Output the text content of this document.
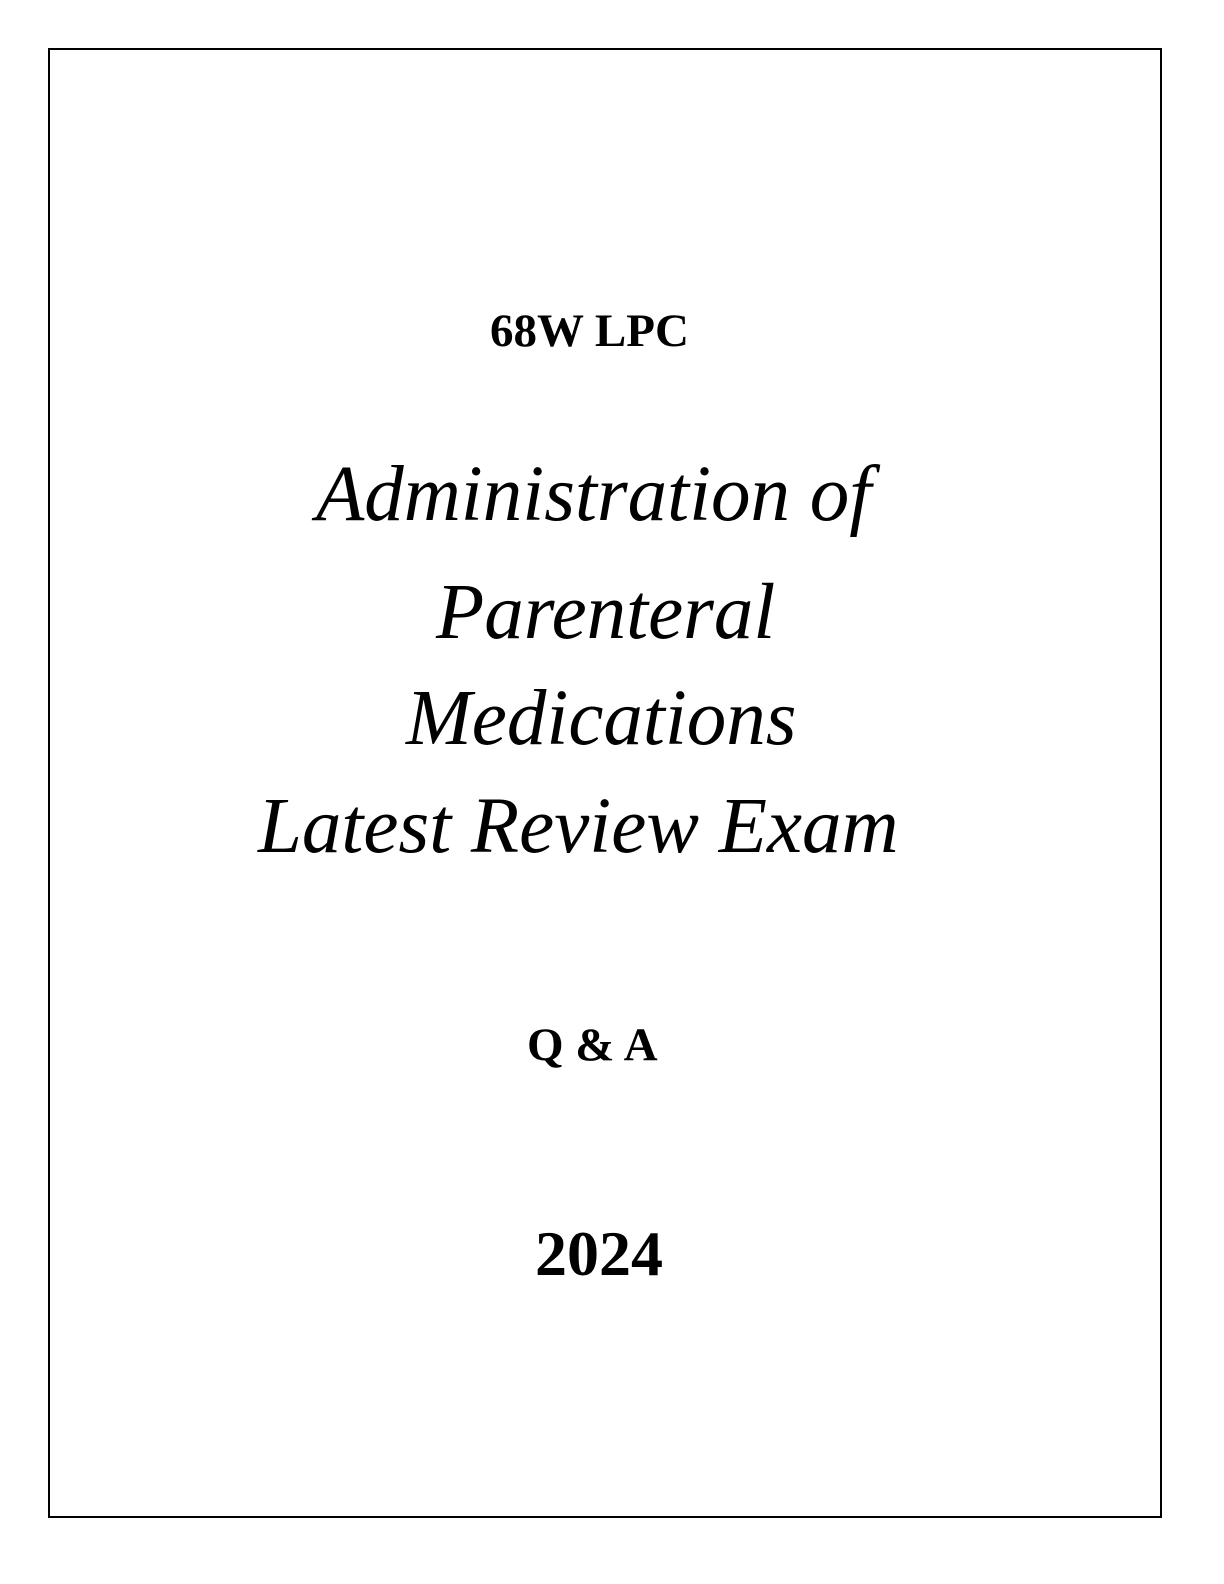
68W LPC
Administration of
Parenteral
Medications
Latest Review Exam
Q & A
2024
